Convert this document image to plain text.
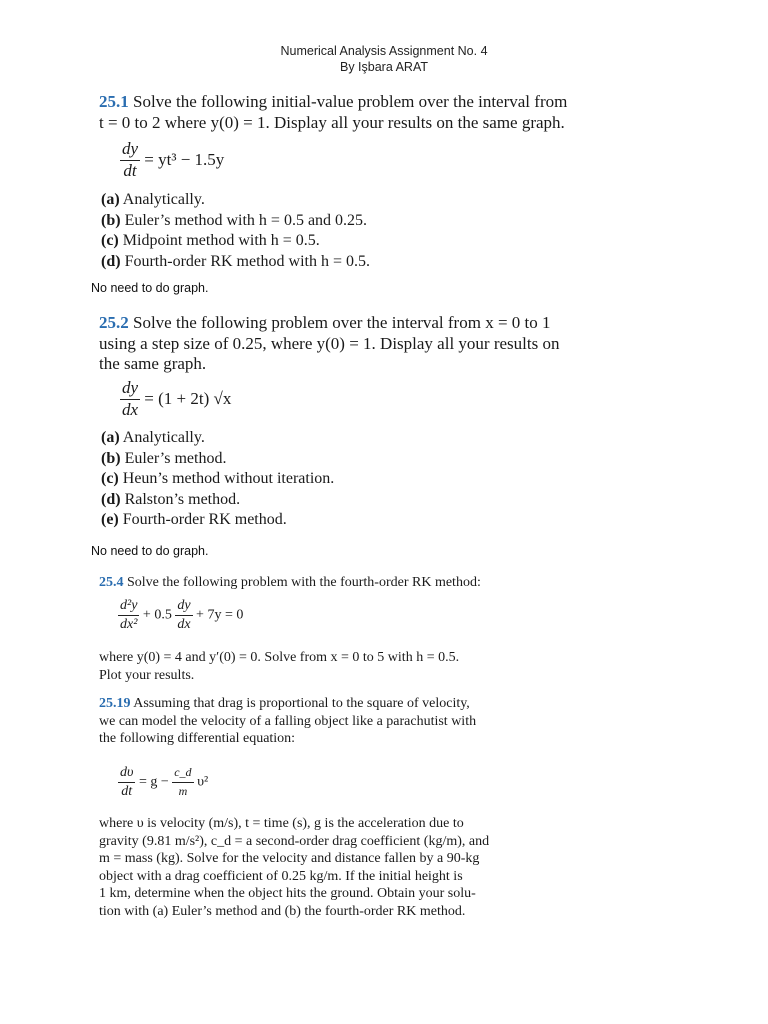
Numerical Analysis Assignment No. 4
By Işbara ARAT
25.1 Solve the following initial-value problem over the interval from
t = 0 to 2 where y(0) = 1. Display all your results on the same graph.
$\frac{dy}{dt} = yt^3 - 1.5y$
(a) Analytically.
(b) Euler’s method with h = 0.5 and 0.25.
(c) Midpoint method with h = 0.5.
(d) Fourth-order RK method with h = 0.5.
No need to do graph.
25.2 Solve the following problem over the interval from x = 0 to 1
using a step size of 0.25, where y(0) = 1. Display all your results on
the same graph.
$\frac{dy}{dx} = (1 + 2t)$ √x
(a) Analytically.
(b) Euler’s method.
(c) Heun’s method without iteration.
(d) Ralston’s method.
(e) Fourth-order RK method.
No need to do graph.
25.4 Solve the following problem with the fourth-order RK method:
$\frac{\text{d²y}}{\text{dx²}} + 0.5 \frac{dy}{dx} + 7y = 0$
where y(0) = 4 and y′(0) = 0. Solve from x = 0 to 5 with h = 0.5.
Plot your results.
25.19 Assuming that drag is proportional to the square of velocity,
we can model the velocity of a falling object like a parachutist with
the following differential equation:
$\frac{d\upsilon}{dt} = g - \frac{c\_d}{m} \upsilon^2$
where υ is velocity (m/s), t = time (s), g is the acceleration due to
gravity (9.81 m/s²), c_d = a second-order drag coefficient (kg/m), and
m = mass (kg). Solve for the velocity and distance fallen by a 90-kg
object with a drag coefficient of 0.25 kg/m. If the initial height is
1 km, determine when the object hits the ground. Obtain your solu-
tion with (a) Euler’s method and (b) the fourth-order RK method.
